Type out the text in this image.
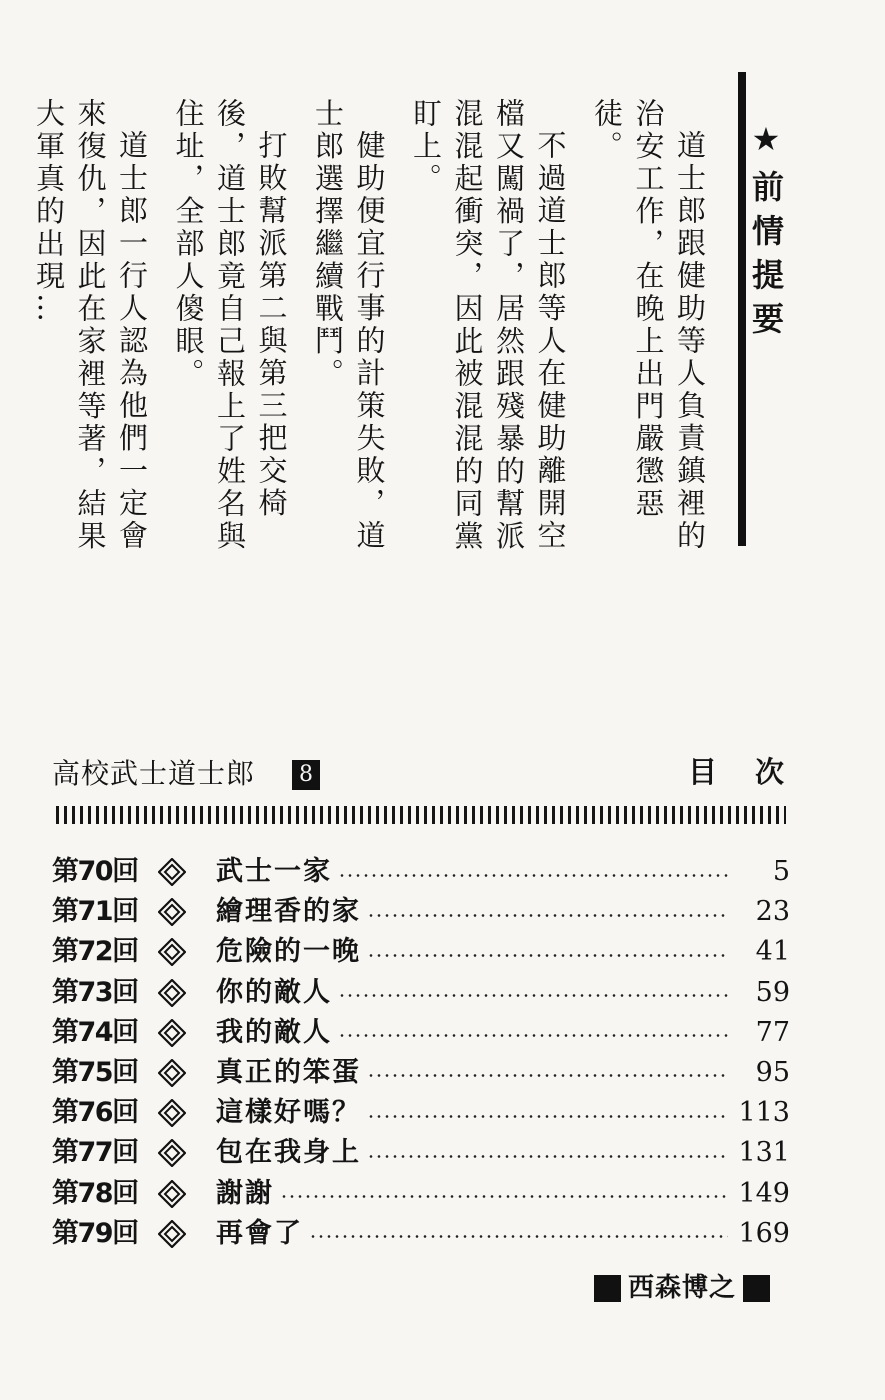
★前情提要

道士郎跟健助等人負責鎮裡的治安工作，在晚上出門嚴懲惡徒。

不過道士郎等人在健助離開空檔又闖禍了，居然跟殘暴的幫派混混起衝突，因此被混混的同黨盯上。

健助便宜行事的計策失敗，道士郎選擇繼續戰鬥。

打敗幫派第二與第三把交椅後，道士郎竟自己報上了姓名與住址，全部人傻眼。

道士郎一行人認為他們一定會來復仇，因此在家裡等著，結果大軍真的出現…

高校武士道士郎	8	目次
第70回	武士一家	5
第71回	繪理香的家	23
第72回	危險的一晚	41
第73回	你的敵人	59
第74回	我的敵人	77
第75回	真正的笨蛋	95
第76回	這樣好嗎？	113
第77回	包在我身上	131
第78回	謝謝	149
第79回	再會了	169
西森博之
